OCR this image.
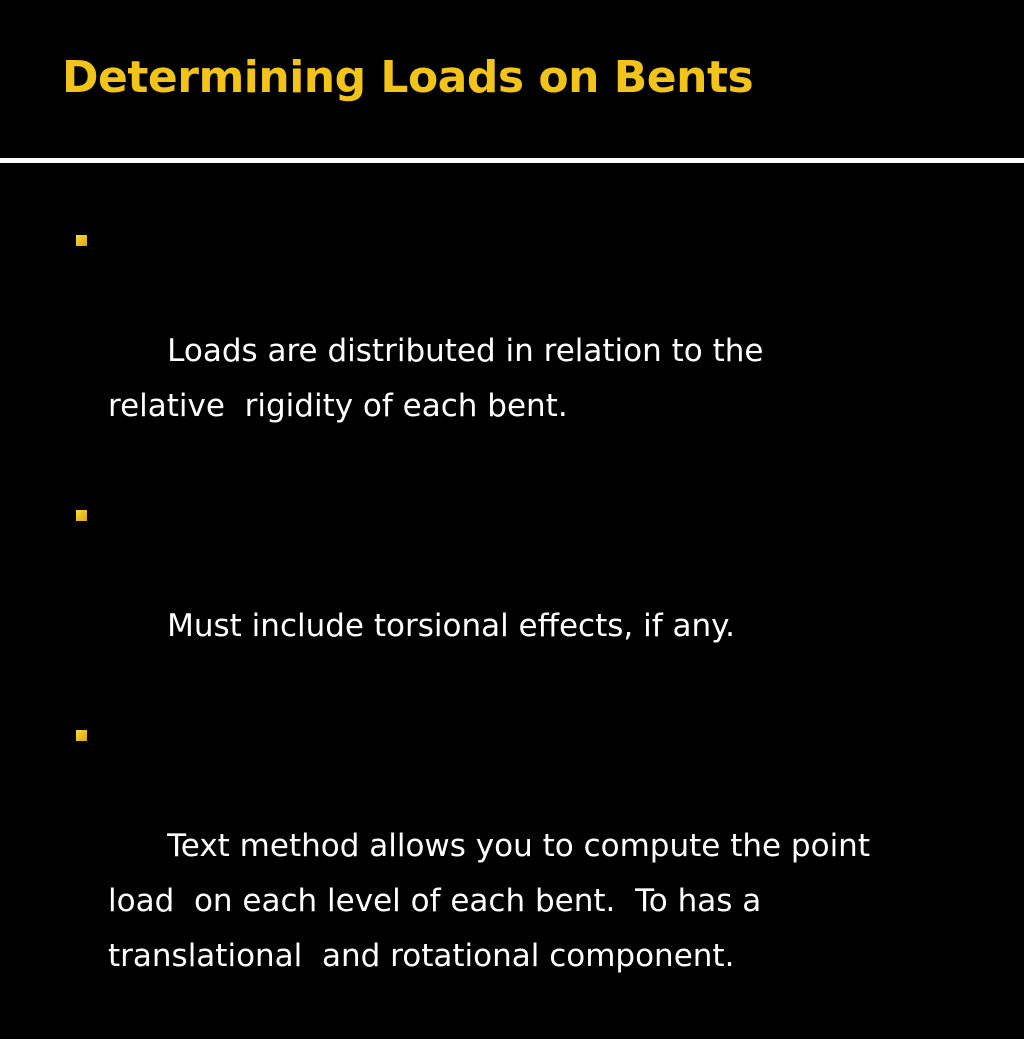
Determining Loads on Bents

Loads are distributed in relation to the
relative  rigidity of each bent.

Must include torsional effects, if any.

Text method allows you to compute the point
load  on each level of each bent.  To has a
translational  and rotational component.
